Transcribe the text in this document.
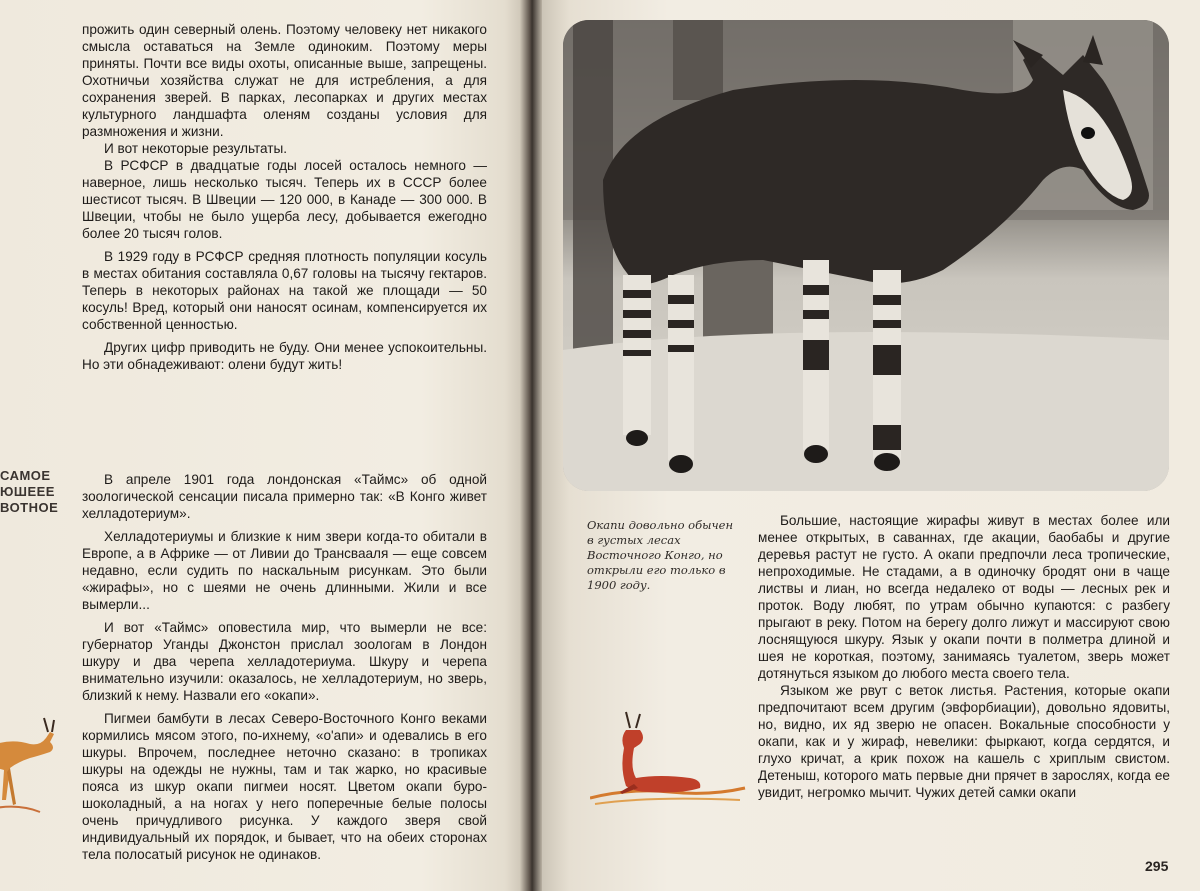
прожить один северный олень. Поэтому человеку нет никакого смысла оставаться на Земле одиноким. Поэтому меры приняты. Почти все виды охоты, описанные выше, запрещены. Охотничьи хозяйства служат не для истребления, а для сохранения зверей. В парках, лесопарках и других местах культурного ландшафта оленям созданы условия для размножения и жизни.

И вот некоторые результаты.

В РСФСР в двадцатые годы лосей осталось немного — наверное, лишь несколько тысяч. Теперь их в СССР более шестисот тысяч. В Швеции — 120 000, в Канаде — 300 000. В Швеции, чтобы не было ущерба лесу, добывается ежегодно более 20 тысяч голов.

В 1929 году в РСФСР средняя плотность популяции косуль в местах обитания составляла 0,67 головы на тысячу гектаров. Теперь в некоторых районах на такой же площади — 50 косуль! Вред, который они наносят осинам, компенсируется их собственной ценностью.

Других цифр приводить не буду. Они менее успокоительны. Но эти обнадеживают: олени будут жить!

САМОЕ
ЮШЕЕЕ
ВОТНОЕ

В апреле 1901 года лондонская «Таймс» об одной зоологической сенсации писала примерно так: «В Конго живет хелладотериум».

Хелладотериумы и близкие к ним звери когда-то обитали в Европе, а в Африке — от Ливии до Трансвааля — еще совсем недавно, если судить по наскальным рисункам. Это были «жирафы», но с шеями не очень длинными. Жили и все вымерли...

И вот «Таймс» оповестила мир, что вымерли не все: губернатор Уганды Джонстон прислал зоологам в Лондон шкуру и два черепа хелладотериума. Шкуру и черепа внимательно изучили: оказалось, не хелладотериум, но зверь, близкий к нему. Назвали его «окапи».

Пигмеи бамбути в лесах Северо-Восточного Конго веками кормились мясом этого, по-ихнему, «о'апи» и одевались в его шкуры. Впрочем, последнее неточно сказано: в тропиках шкуры на одежды не нужны, там и так жарко, но красивые пояса из шкур окапи пигмеи носят. Цветом окапи буро-шоколадный, а на ногах у него поперечные белые полосы очень причудливого рисунка. У каждого зверя свой индивидуальный их порядок, и бывает, что на обеих сторонах тела полосатый рисунок не одинаков.

Окапи довольно обычен в густых лесах Восточного Конго, но открыли его только в 1900 году.

Большие, настоящие жирафы живут в местах более или менее открытых, в саваннах, где акации, баобабы и другие деревья растут не густо. А окапи предпочли леса тропические, непроходимые. Не стадами, а в одиночку бродят они в чаще листвы и лиан, но всегда недалеко от воды — лесных рек и проток. Воду любят, по утрам обычно купаются: с разбегу прыгают в реку. Потом на берегу долго лижут и массируют свою лоснящуюся шкуру. Язык у окапи почти в полметра длиной и шея не короткая, поэтому, занимаясь туалетом, зверь может дотянуться языком до любого места своего тела.

Языком же рвут с веток листья. Растения, которые окапи предпочитают всем другим (эвфорбиации), довольно ядовиты, но, видно, их яд зверю не опасен. Вокальные способности у окапи, как и у жираф, невелики: фыркают, когда сердятся, и глухо кричат, а крик похож на кашель с хриплым свистом. Детеныш, которого мать первые дни прячет в зарослях, когда ее увидит, негромко мычит. Чужих детей самки окапи

295
